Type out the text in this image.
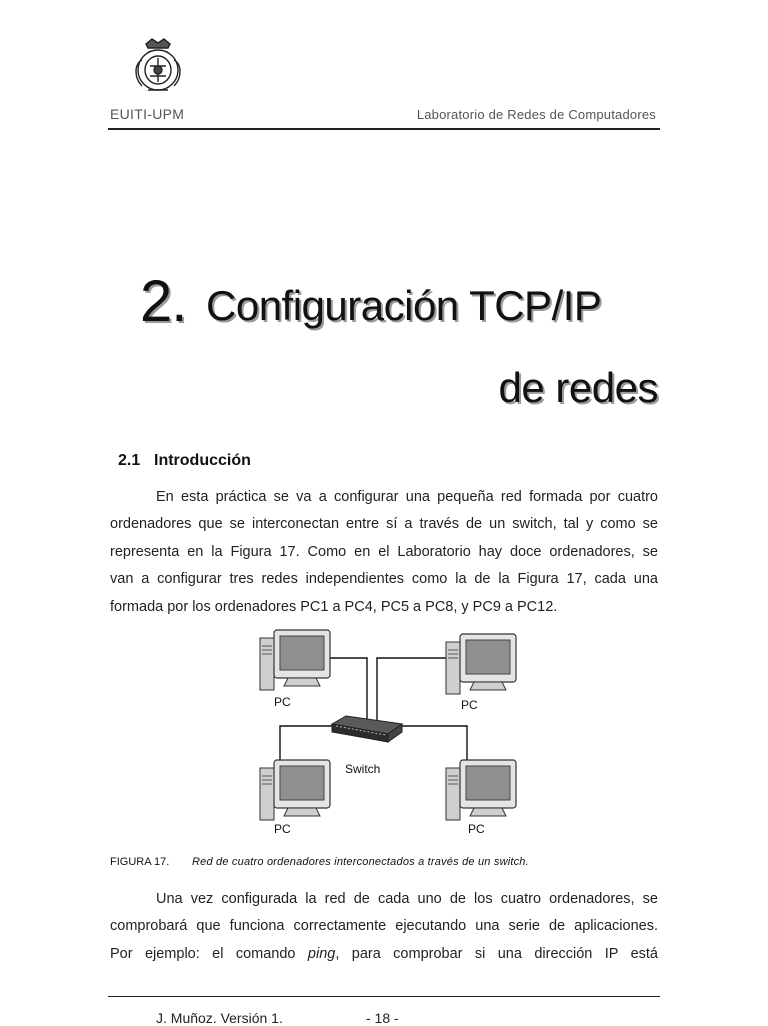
EUITI-UPM	Laboratorio de Redes de Computadores
2. Configuración TCP/IP
de redes
2.1 Introducción
En esta práctica se va a configurar una pequeña red formada por cuatro
ordenadores que se interconectan entre sí a través de un switch, tal y como se
representa en la Figura 17. Como en el Laboratorio hay doce ordenadores, se
van a configurar tres redes independientes como la de la Figura 17, cada una
formada por los ordenadores PC1 a PC4, PC5 a PC8, y PC9 a PC12.
PC	PC
Switch
PC	PC
FIGURA 17. Red de cuatro ordenadores interconectados a través de un switch.
Una vez configurada la red de cada uno de los cuatro ordenadores, se
comprobará que funciona correctamente ejecutando una serie de aplicaciones.
Por ejemplo: el comando ping, para comprobar si una dirección IP está
J. Muñoz. Versión 1.	- 18 -
